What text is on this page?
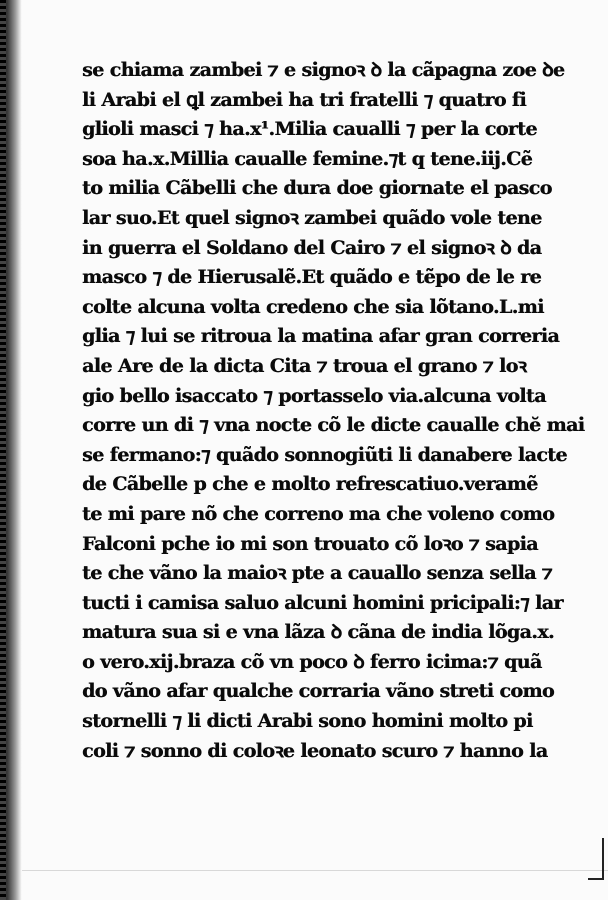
se chiama zambei ⁊ e signoꝛ ꝺ la cãpagna zoe ꝺe
li Arabi el ꝗl zambei ha tri fratelli ⁊ quatro fi
glioli masci ⁊ ha.x¹.Milia caualli ⁊ per la corte
soa ha.x.Millia caualle femine.⁊t q tene.iij.Cẽ
to milia Cãbelli che dura doe giornate el pasco
lar suo.Et quel signoꝛ zambei quãdo vole tene
in guerra el Soldano del Cairo ⁊ el signoꝛ ꝺ da
masco ⁊ de Hierusalẽ.Et quãdo e tẽpo de le re
colte alcuna volta credeno che sia lõtano.L.mi
glia ⁊ lui se ritroua la matina afar gran correria
ale Are de la dicta Cita ⁊ troua el grano ⁊ loꝛ
gio bello isaccato ⁊ portasselo via.alcuna volta
corre un di ⁊ vna nocte cõ le dicte caualle chĕ mai
se fermano:⁊ quãdo sonnogiũti li danabere lacte
de Cãbelle p che e molto refrescatiuo.veramẽ
te mi pare nõ che correno ma che voleno como
Falconi pche io mi son trouato cõ loꝛo ⁊ sapia
te che vãno la maioꝛ pte a cauallo senza sella ⁊
tucti i camisa saluo alcuni homini pricipali:⁊ lar
matura sua si e vna lãza ꝺ cãna de india lõga.x.
o vero.xij.braza cõ vn poco ꝺ ferro icima:⁊ quã
do vãno afar qualche corraria vãno streti como
stornelli ⁊ li dicti Arabi sono homini molto pi
coli ⁊ sonno di coloꝛe leonato scuro ⁊ hanno la
